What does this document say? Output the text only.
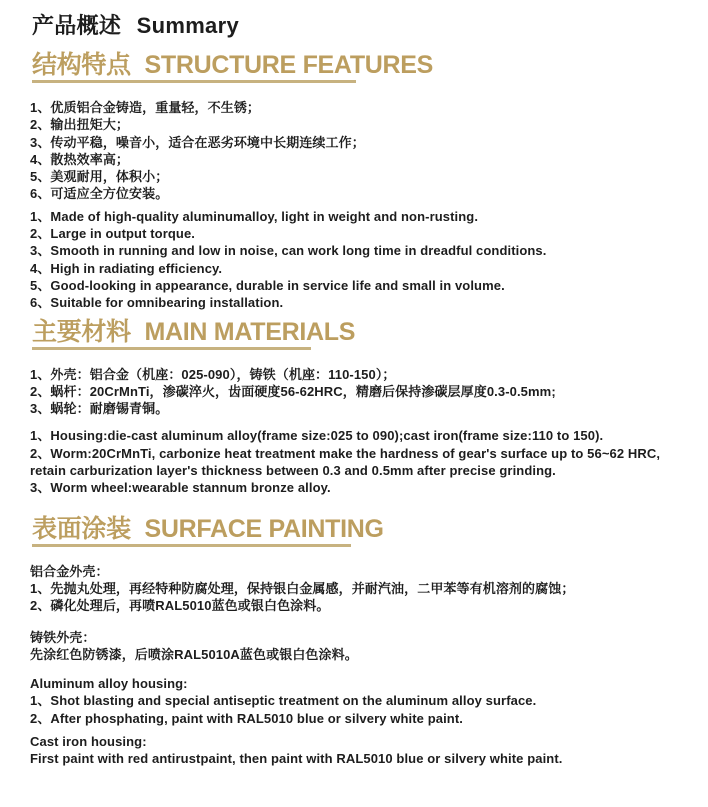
产品概述 Summary
结构特点 STRUCTURE FEATURES
1、优质铝合金铸造，重量轻，不生锈；
2、输出扭矩大；
3、传动平稳，噪音小，适合在恶劣环境中长期连续工作；
4、散热效率高；
5、美观耐用，体积小；
6、可适应全方位安装。
1、Made of high-quality aluminumalloy, light in weight and non-rusting.
2、Large in output torque.
3、Smooth in running and low in noise, can work long time in dreadful conditions.
4、High in radiating efficiency.
5、Good-looking in appearance, durable in service life and small in volume.
6、Suitable for omnibearing installation.
主要材料 MAIN MATERIALS
1、外壳：铝合金（机座：025-090），铸铁（机座：110-150）；
2、蜗杆：20CrMnTi，渗碳淬火，齿面硬度56-62HRC，精磨后保持渗碳层厚度0.3-0.5mm;
3、蜗轮：耐磨锡青铜。
1、Housing:die-cast aluminum alloy(frame size:025 to 090);cast iron(frame size:110 to 150).
2、Worm:20CrMnTi, carbonize heat treatment make the hardness of gear's surface up to 56~62 HRC,
retain carburization layer's thickness between 0.3 and 0.5mm after precise grinding.
3、Worm wheel:wearable stannum bronze alloy.
表面涂装 SURFACE PAINTING
铝合金外壳：
1、先抛丸处理，再经特种防腐处理，保持银白金属感，并耐汽油，二甲苯等有机溶剂的腐蚀；
2、磷化处理后，再喷RAL5010蓝色或银白色涂料。
铸铁外壳：
先涂红色防锈漆，后喷涂RAL5010A蓝色或银白色涂料。
Aluminum alloy housing:
1、Shot blasting and special antiseptic treatment on the aluminum alloy surface.
2、After phosphating, paint with RAL5010 blue or silvery white paint.
Cast iron housing:
First paint with red antirustpaint, then paint with RAL5010 blue or silvery white paint.
